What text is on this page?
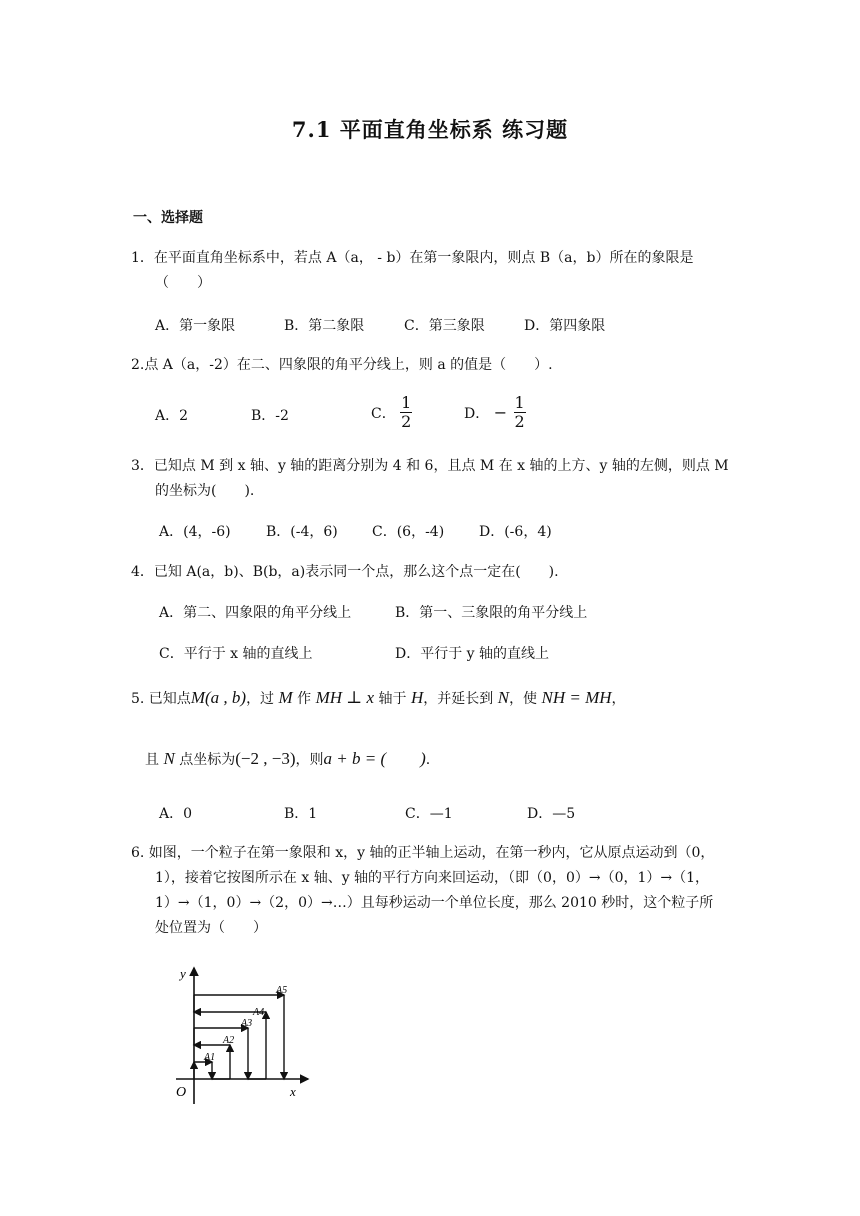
7.1 平面直角坐标系 练习题
一、选择题
1．在平面直角坐标系中，若点 A（a， - b）在第一象限内，则点 B（a，b）所在的象限是
（　　）
A．第一象限	B．第二象限	C．第三象限	D．第四象限
2.点 A（a，-2）在二、四象限的角平分线上，则 a 的值是（　　）.
A．2	B．-2	C． $\frac{1}{2}$	D． − $\frac{1}{2}$
3．已知点 M 到 x 轴、y 轴的距离分别为 4 和 6，且点 M 在 x 轴的上方、y 轴的左侧，则点 M
的坐标为(　　).
A．(4，-6)	B．(-4，6) C．(6，-4) D．(-6，4)
4．已知 A(a，b)、B(b，a)表示同一个点，那么这个点一定在(　　).
A．第二、四象限的角平分线上	B．第一、三象限的角平分线上
C．平行于 x 轴的直线上	D．平行于 y 轴的直线上
5. 已知点M(a , b)，过 M 作 MH ⊥ x 轴于 H，并延长到 N，使 NH = MH，
且 N 点坐标为(−2 , −3)，则a + b = (　　).
A．0	B．1	C．—1	D．—5
6. 如图，一个粒子在第一象限和 x，y 轴的正半轴上运动，在第一秒内，它从原点运动到（0，
1），接着它按图所示在 x 轴、y 轴的平行方向来回运动，（即（0，0）→（0，1）→（1，
1）→（1，0）→（2，0）→…）且每秒运动一个单位长度，那么 2010 秒时，这个粒子所
处位置为（　　）
y
x
O
A1
A2
A3
A4
A5
